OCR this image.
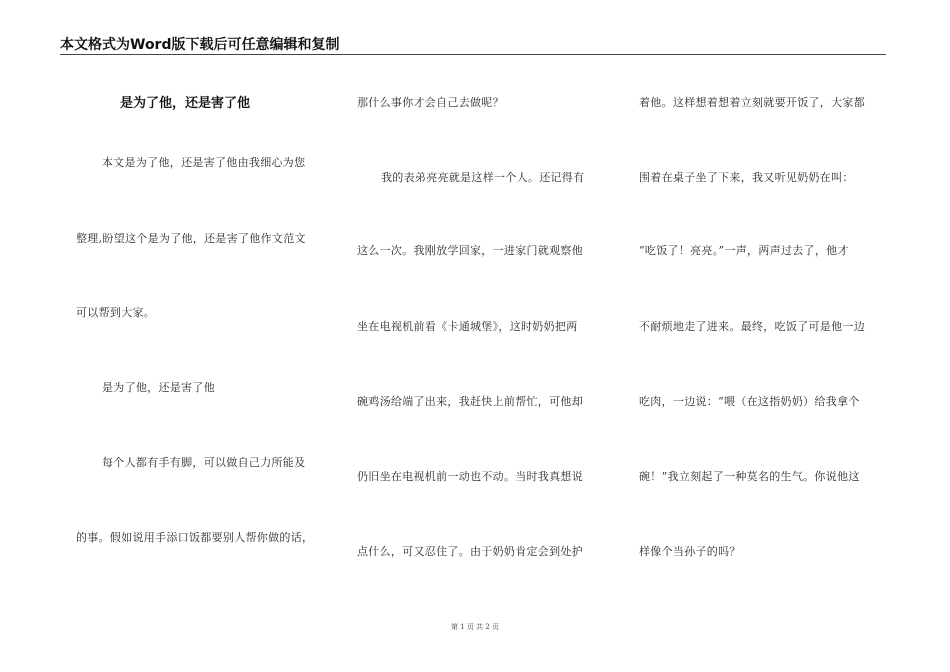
本文格式为Word版下载后可任意编辑和复制
是为了他，还是害了他
本文是为了他，还是害了他由我细心为您
整理,盼望这个是为了他，还是害了他作文范文
可以帮到大家。
是为了他，还是害了他
每个人都有手有脚，可以做自己力所能及
的事。假如说用手添口饭都要别人帮你做的话，
那什么事你才会自己去做呢？
我的表弟亮亮就是这样一个人。还记得有
这么一次。我刚放学回家，一进家门就观察他
坐在电视机前看《卡通城堡》，这时奶奶把两
碗鸡汤给端了出来，我赶快上前帮忙，可他却
仍旧坐在电视机前一动也不动。当时我真想说
点什么，可又忍住了。由于奶奶肯定会到处护
着他。这样想着想着立刻就要开饭了，大家都
围着在桌子坐了下来，我又听见奶奶在叫：
“吃饭了！亮亮。”一声，两声过去了，他才
不耐烦地走了进来。最终，吃饭了可是他一边
吃肉，一边说：“喂（在这指奶奶）给我拿个
碗！”我立刻起了一种莫名的生气。你说他这
样像个当孙子的吗？
第 1 页 共 2 页
